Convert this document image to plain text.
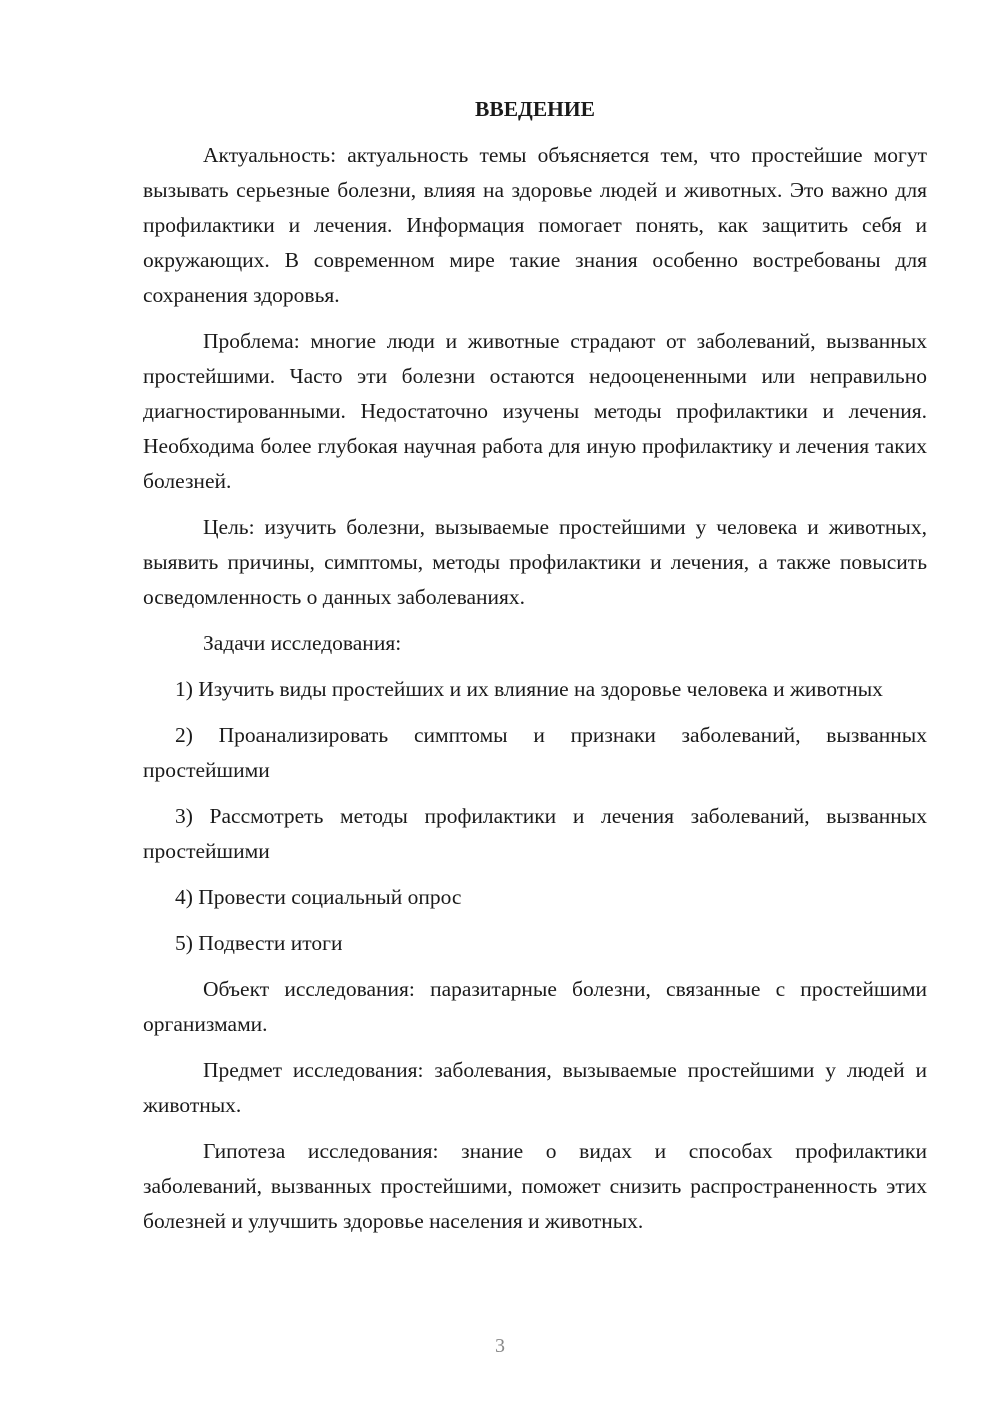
ВВЕДЕНИЕ

Актуальность: актуальность темы объясняется тем, что простейшие могут вызывать серьезные болезни, влияя на здоровье людей и животных. Это важно для профилактики и лечения. Информация помогает понять, как защитить себя и окружающих. В современном мире такие знания особенно востребованы для сохранения здоровья.

Проблема: многие люди и животные страдают от заболеваний, вызванных простейшими. Часто эти болезни остаются недооцененными или неправильно диагностированными. Недостаточно изучены методы профилактики и лечения. Необходима более глубокая научная работа для иную профилактику и лечения таких болезней.

Цель: изучить болезни, вызываемые простейшими у человека и животных, выявить причины, симптомы, методы профилактики и лечения, а также повысить осведомленность о данных заболеваниях.

Задачи исследования:

1) Изучить виды простейших и их влияние на здоровье человека и животных

2) Проанализировать симптомы и признаки заболеваний, вызванных простейшими

3) Рассмотреть методы профилактики и лечения заболеваний, вызванных простейшими

4) Провести социальный опрос

5) Подвести итоги

Объект исследования: паразитарные болезни, связанные с простейшими организмами.

Предмет исследования: заболевания, вызываемые простейшими у людей и животных.

Гипотеза исследования: знание о видах и способах профилактики заболеваний, вызванных простейшими, поможет снизить распространенность этих болезней и улучшить здоровье населения и животных.

3
